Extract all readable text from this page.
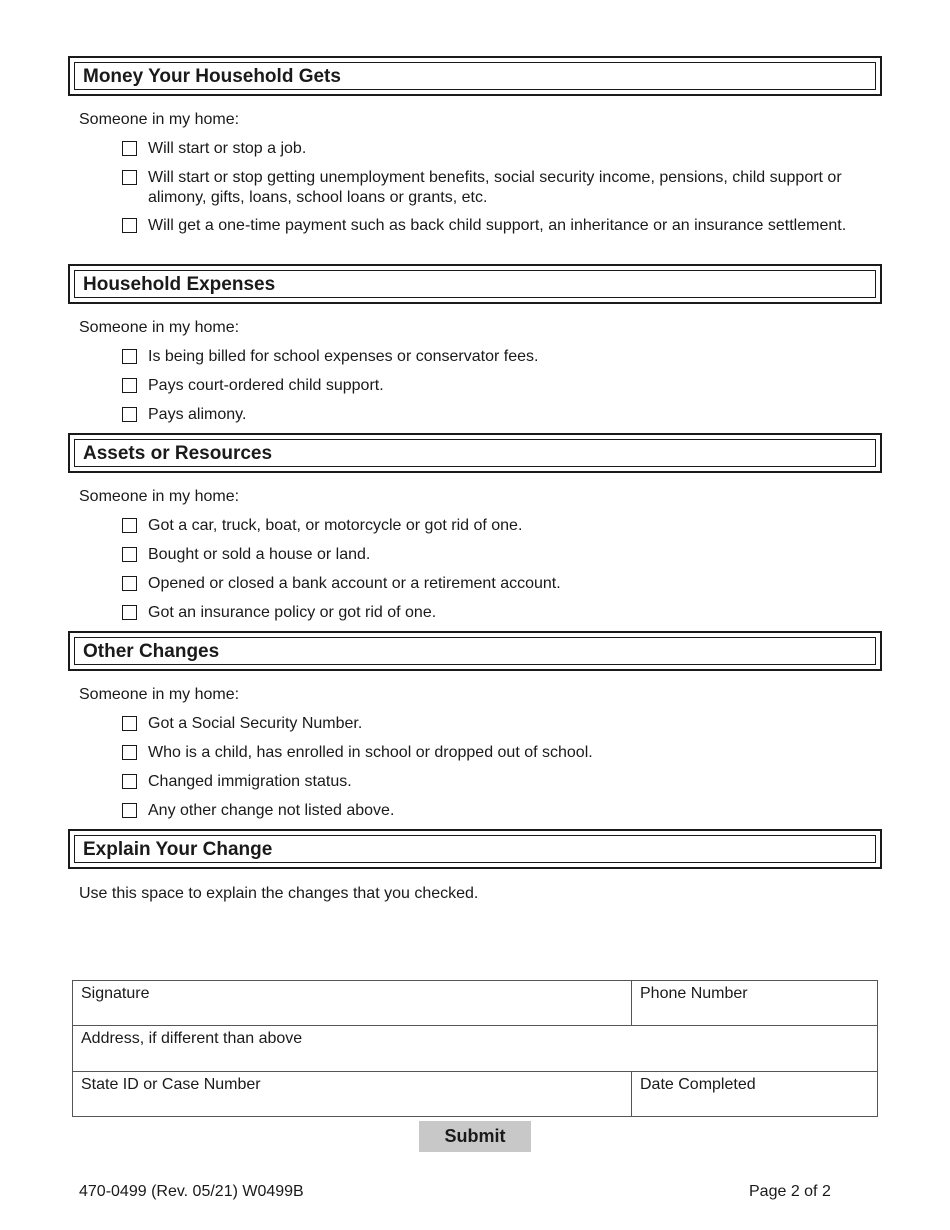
Money Your Household Gets
Someone in my home:
Will start or stop a job.
Will start or stop getting unemployment benefits, social security income, pensions, child support or alimony, gifts, loans, school loans or grants, etc.
Will get a one-time payment such as back child support, an inheritance or an insurance settlement.
Household Expenses
Someone in my home:
Is being billed for school expenses or conservator fees.
Pays court-ordered child support.
Pays alimony.
Assets or Resources
Someone in my home:
Got a car, truck, boat, or motorcycle or got rid of one.
Bought or sold a house or land.
Opened or closed a bank account or a retirement account.
Got an insurance policy or got rid of one.
Other Changes
Someone in my home:
Got a Social Security Number.
Who is a child, has enrolled in school or dropped out of school.
Changed immigration status.
Any other change not listed above.
Explain Your Change
Use this space to explain the changes that you checked.
Signature	Phone Number
Address, if different than above
State ID or Case Number	Date Completed
Submit
470-0499 (Rev. 05/21) W0499B	Page 2 of 2
